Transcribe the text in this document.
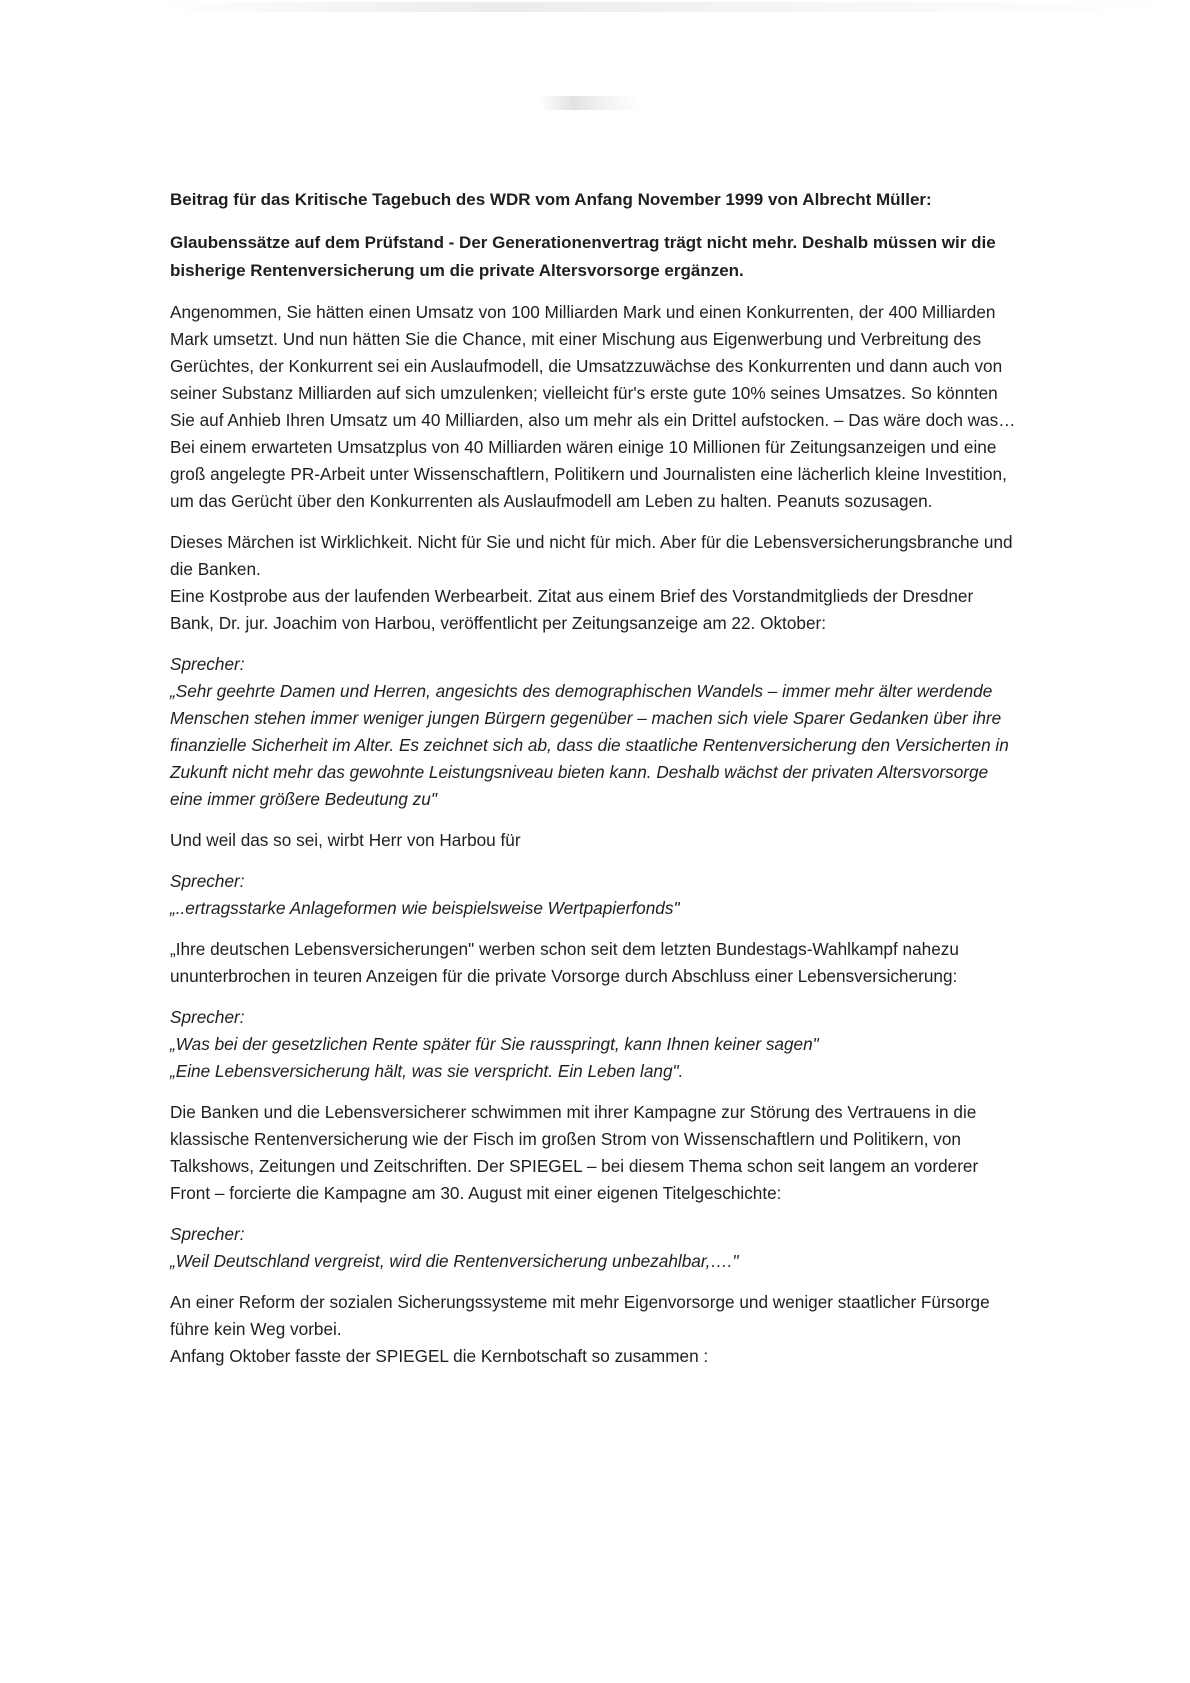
Beitrag für das Kritische Tagebuch des WDR vom Anfang November 1999 von Albrecht Müller:
Glaubenssätze auf dem Prüfstand - Der Generationenvertrag trägt nicht mehr. Deshalb müssen wir die bisherige Rentenversicherung um die private Altersvorsorge ergänzen.

Angenommen, Sie hätten einen Umsatz von 100 Milliarden Mark und einen Konkurrenten, der 400 Milliarden Mark umsetzt. Und nun hätten Sie die Chance, mit einer Mischung aus Eigenwerbung und Verbreitung des Gerüchtes, der Konkurrent sei ein Auslaufmodell, die Umsatzzuwächse des Konkurrenten und dann auch von seiner Substanz Milliarden auf sich umzulenken; vielleicht für's erste gute 10% seines Umsatzes. So könnten Sie auf Anhieb Ihren Umsatz um 40 Milliarden, also um mehr als ein Drittel aufstocken. – Das wäre doch was… Bei einem erwarteten Umsatzplus von 40 Milliarden wären einige 10 Millionen für Zeitungsanzeigen und eine groß angelegte PR-Arbeit unter Wissenschaftlern, Politikern und Journalisten eine lächerlich kleine Investition, um das Gerücht über den Konkurrenten als Auslaufmodell am Leben zu halten. Peanuts sozusagen.

Dieses Märchen ist Wirklichkeit. Nicht für Sie und nicht für mich. Aber für die Lebensversicherungsbranche und die Banken.
Eine Kostprobe aus der laufenden Werbearbeit. Zitat aus einem Brief des Vorstandmitglieds der Dresdner Bank, Dr. jur. Joachim von Harbou, veröffentlicht per Zeitungsanzeige am 22. Oktober:
Sprecher:
„Sehr geehrte Damen und Herren, angesichts des demographischen Wandels – immer mehr älter werdende Menschen stehen immer weniger jungen Bürgern gegenüber – machen sich viele Sparer Gedanken über ihre finanzielle Sicherheit im Alter. Es zeichnet sich ab, dass die staatliche Rentenversicherung den Versicherten in Zukunft nicht mehr das gewohnte Leistungsniveau bieten kann. Deshalb wächst der privaten Altersvorsorge eine immer größere Bedeutung zu"

Und weil das so sei, wirbt Herr von Harbou für

Sprecher:
„..ertragsstarke Anlageformen wie beispielsweise Wertpapierfonds"

„Ihre deutschen Lebensversicherungen" werben schon seit dem letzten Bundestags-Wahlkampf nahezu ununterbrochen in teuren Anzeigen für die private Vorsorge durch Abschluss einer Lebensversicherung:

Sprecher:
„Was bei der gesetzlichen Rente später für Sie rausspringt, kann Ihnen keiner sagen"
„Eine Lebensversicherung hält, was sie verspricht. Ein Leben lang".

Die Banken und die Lebensversicherer schwimmen mit ihrer Kampagne zur Störung des Vertrauens in die klassische Rentenversicherung wie der Fisch im großen Strom von Wissenschaftlern und Politikern, von Talkshows, Zeitungen und Zeitschriften. Der SPIEGEL – bei diesem Thema schon seit langem an vorderer Front – forcierte die Kampagne am 30. August mit einer eigenen Titelgeschichte:

Sprecher:
„Weil Deutschland vergreist, wird die Rentenversicherung unbezahlbar,…."
An einer Reform der sozialen Sicherungssysteme mit mehr Eigenvorsorge und weniger staatlicher Fürsorge führe kein Weg vorbei.
Anfang Oktober fasste der SPIEGEL die Kernbotschaft so zusammen :
